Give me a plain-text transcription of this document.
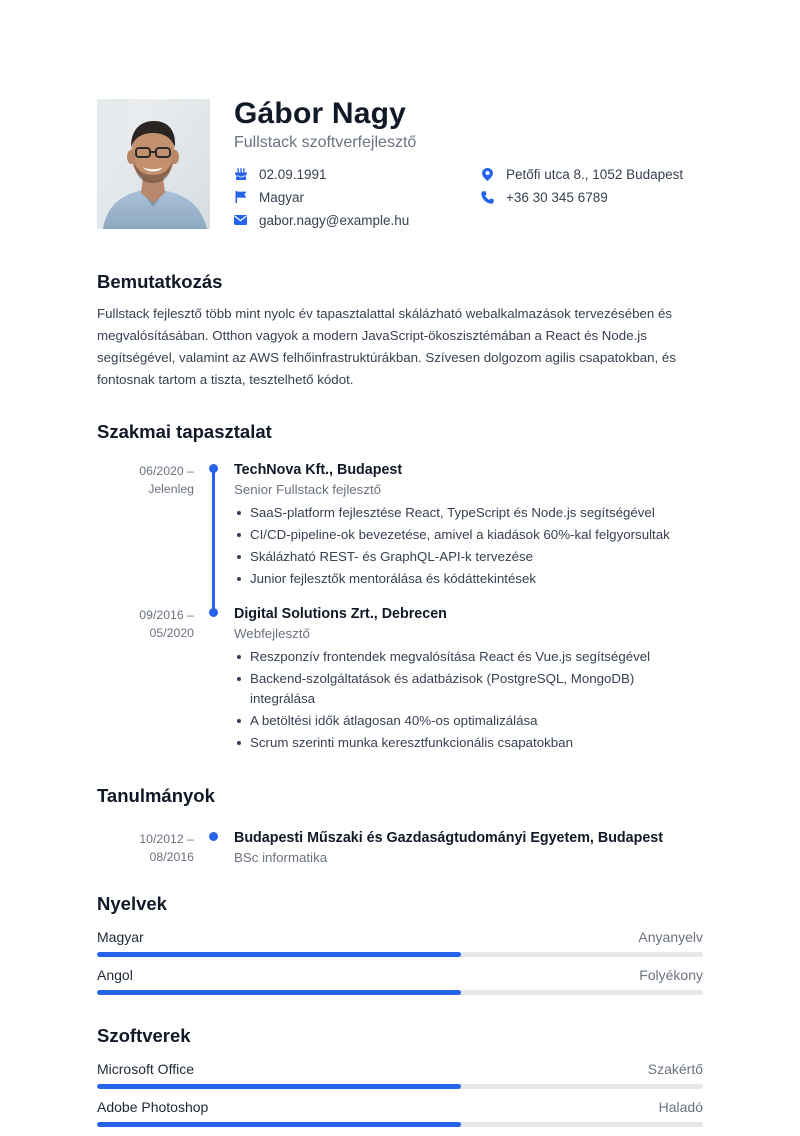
Gábor Nagy
Fullstack szoftverfejlesztő
02.09.1991	Petőfi utca 8., 1052 Budapest
Magyar	+36 30 345 6789
gabor.nagy@example.hu
Bemutatkozás
Fullstack fejlesztő több mint nyolc év tapasztalattal skálázható webalkalmazások tervezésében és megvalósításában. Otthon vagyok a modern JavaScript-ökoszisztémában a React és Node.js segítségével, valamint az AWS felhőinfrastruktúrákban. Szívesen dolgozom agilis csapatokban, és fontosnak tartom a tiszta, tesztelhető kódot.
Szakmai tapasztalat
06/2020 –
Jelenleg
TechNova Kft., Budapest
Senior Fullstack fejlesztő
SaaS-platform fejlesztése React, TypeScript és Node.js segítségével
CI/CD-pipeline-ok bevezetése, amivel a kiadások 60%-kal felgyorsultak
Skálázható REST- és GraphQL-API-k tervezése
Junior fejlesztők mentorálása és kódáttekintések
09/2016 –
05/2020
Digital Solutions Zrt., Debrecen
Webfejlesztő
Reszponzív frontendek megvalósítása React és Vue.js segítségével
Backend-szolgáltatások és adatbázisok (PostgreSQL, MongoDB) integrálása
A betöltési idők átlagosan 40%-os optimalizálása
Scrum szerinti munka keresztfunkcionális csapatokban
Tanulmányok
10/2012 –
08/2016
Budapesti Műszaki és Gazdaságtudományi Egyetem, Budapest
BSc informatika
Nyelvek
Magyar	Anyanyelv
Angol	Folyékony
Szoftverek
Microsoft Office	Szakértő
Adobe Photoshop	Haladó
